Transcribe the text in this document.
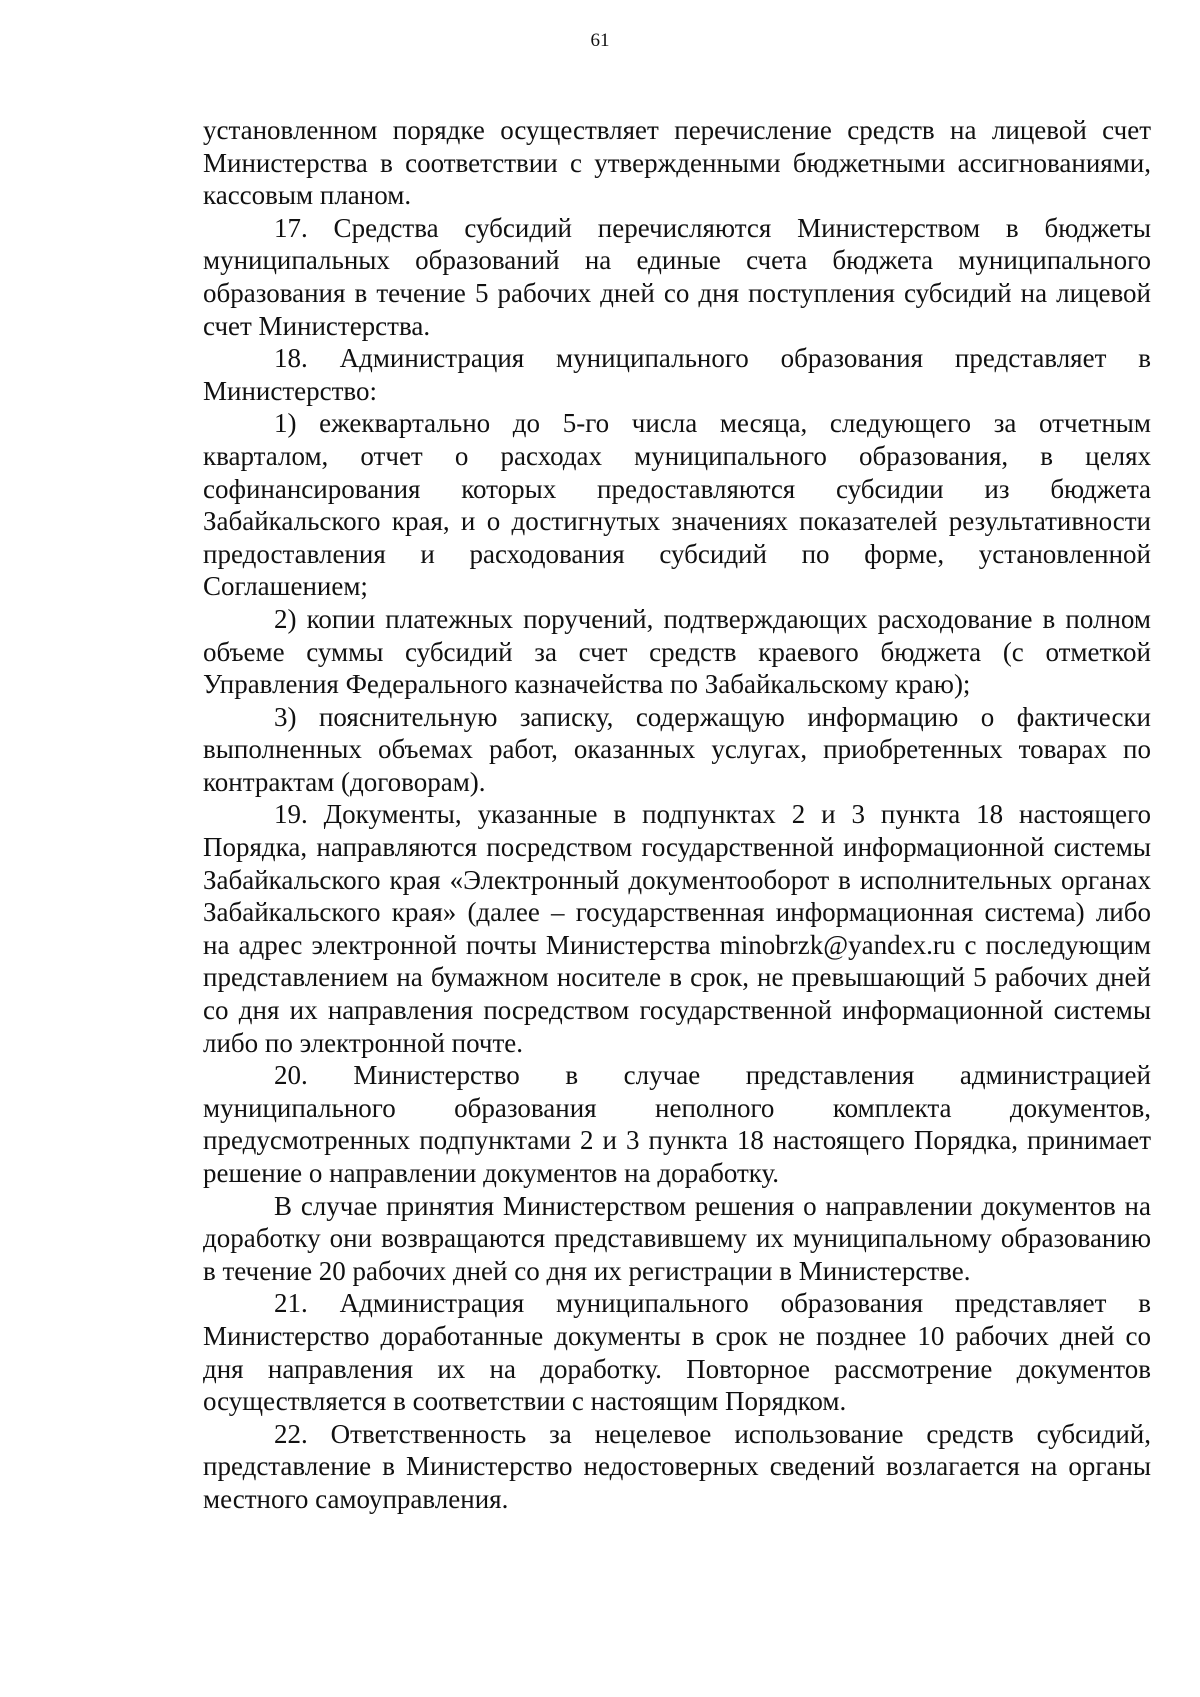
61

установленном порядке осуществляет перечисление средств на лицевой счет Министерства в соответствии с утвержденными бюджетными ассигнованиями, кассовым планом.

17. Средства субсидий перечисляются Министерством в бюджеты муниципальных образований на единые счета бюджета муниципального образования в течение 5 рабочих дней со дня поступления субсидий на лицевой счет Министерства.

18. Администрация муниципального образования представляет в Министерство:

1) ежеквартально до 5-го числа месяца, следующего за отчетным кварталом, отчет о расходах муниципального образования, в целях софинансирования которых предоставляются субсидии из бюджета Забайкальского края, и о достигнутых значениях показателей результативности предоставления и расходования субсидий по форме, установленной Соглашением;

2) копии платежных поручений, подтверждающих расходование в полном объеме суммы субсидий за счет средств краевого бюджета (с отметкой Управления Федерального казначейства по Забайкальскому краю);

3) пояснительную записку, содержащую информацию о фактически выполненных объемах работ, оказанных услугах, приобретенных товарах по контрактам (договорам).

19. Документы, указанные в подпунктах 2 и 3 пункта 18 настоящего Порядка, направляются посредством государственной информационной системы Забайкальского края «Электронный документооборот в исполнительных органах Забайкальского края» (далее – государственная информационная система) либо на адрес электронной почты Министерства minobrzk@yandex.ru с последующим представлением на бумажном носителе в срок, не превышающий 5 рабочих дней со дня их направления посредством государственной информационной системы либо по электронной почте.

20. Министерство в случае представления администрацией муниципального образования неполного комплекта документов, предусмотренных подпунктами 2 и 3 пункта 18 настоящего Порядка, принимает решение о направлении документов на доработку.

В случае принятия Министерством решения о направлении документов на доработку они возвращаются представившему их муниципальному образованию в течение 20 рабочих дней со дня их регистрации в Министерстве.

21. Администрация муниципального образования представляет в Министерство доработанные документы в срок не позднее 10 рабочих дней со дня направления их на доработку. Повторное рассмотрение документов осуществляется в соответствии с настоящим Порядком.

22. Ответственность за нецелевое использование средств субсидий, представление в Министерство недостоверных сведений возлагается на органы местного самоуправления.
